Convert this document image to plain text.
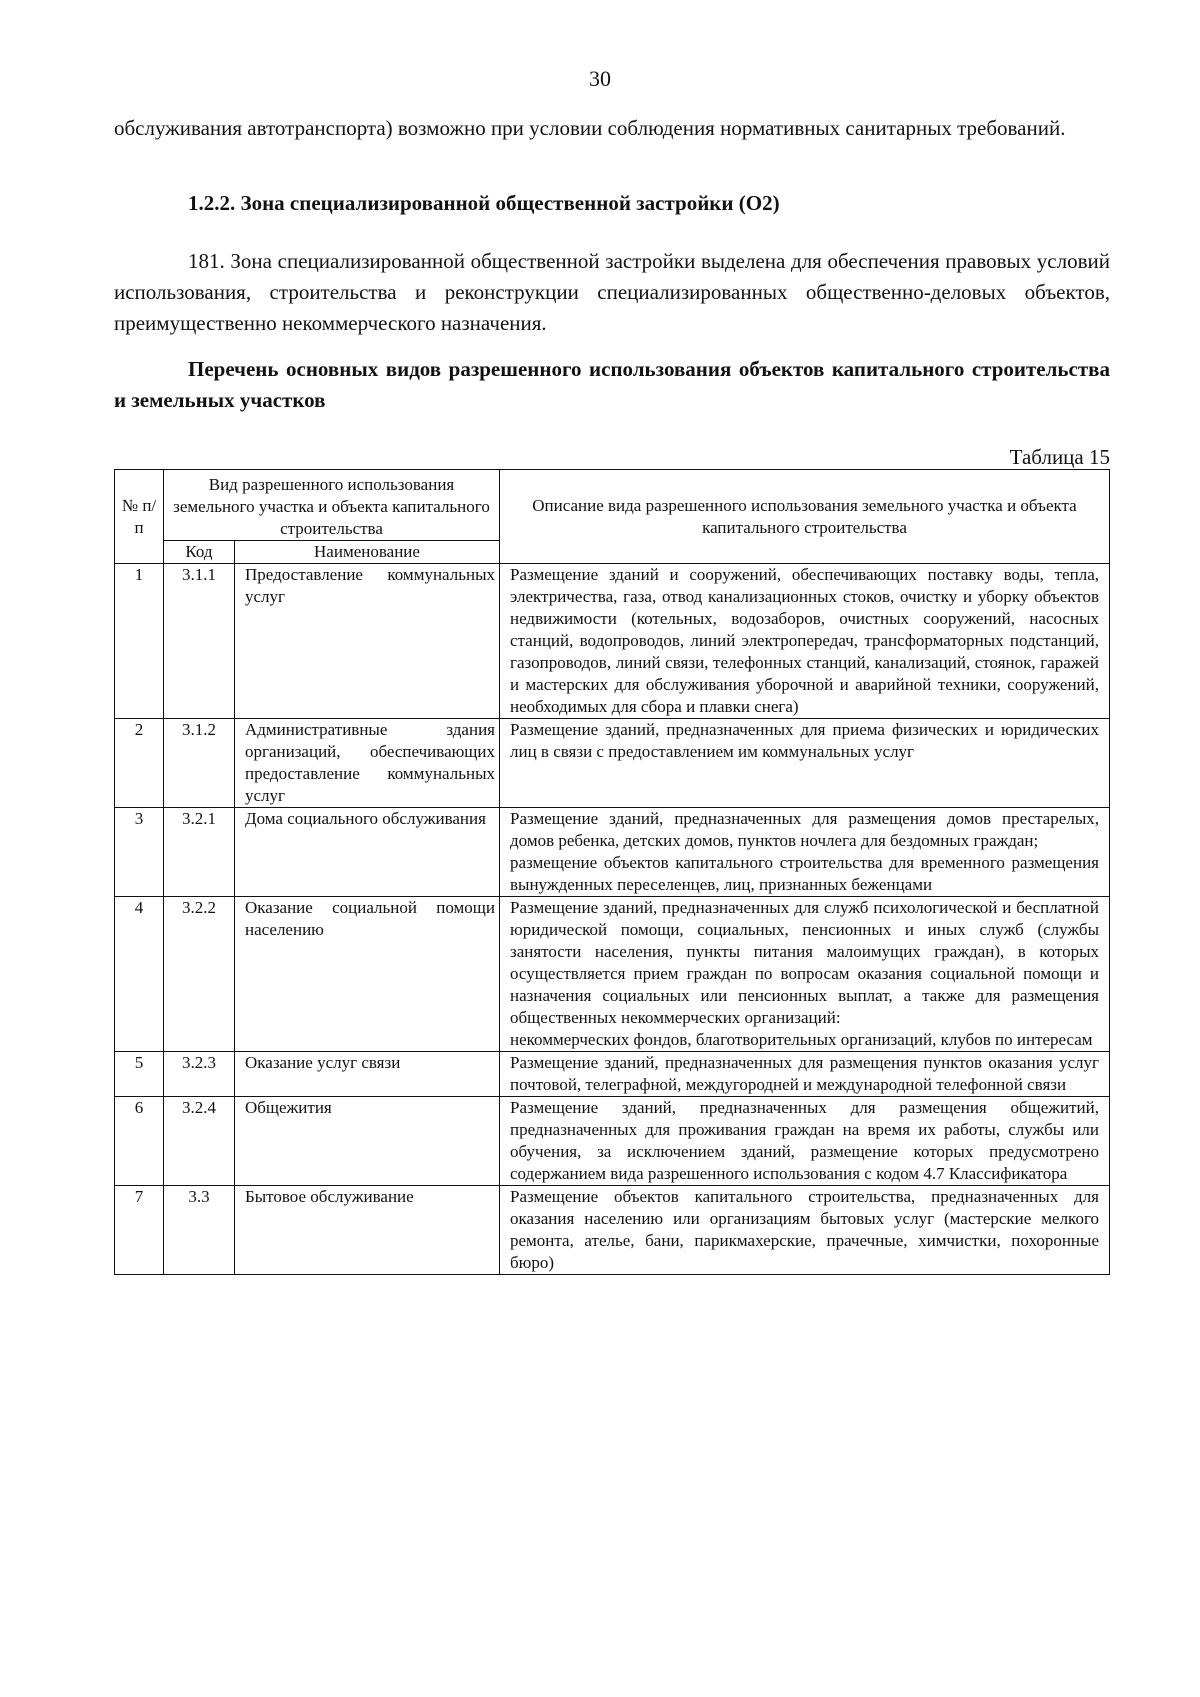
30

обслуживания автотранспорта) возможно при условии соблюдения нормативных санитарных требований.

1.2.2. Зона специализированной общественной застройки (О2)

181. Зона специализированной общественной застройки выделена для обеспечения правовых условий использования, строительства и реконструкции специализированных общественно-деловых объектов, преимущественно некоммерческого назначения.

Перечень основных видов разрешенного использования объектов капитального строительства и земельных участков

Таблица 15
№ п/п	Вид разрешенного использования земельного участка и объекта капитального строительства		Описание вида разрешенного использования земельного участка и объекта капитального строительства
	Код	Наименование	
1	3.1.1	Предоставление коммунальных услуг	Размещение зданий и сооружений, обеспечивающих поставку воды, тепла, электричества, газа, отвод канализационных стоков, очистку и уборку объектов недвижимости (котельных, водозаборов, очистных сооружений, насосных станций, водопроводов, линий электропередач, трансформаторных подстанций, газопроводов, линий связи, телефонных станций, канализаций, стоянок, гаражей и мастерских для обслуживания уборочной и аварийной техники, сооружений, необходимых для сбора и плавки снега)

2	3.1.2	Административные здания организаций, обеспечивающих предоставление коммунальных услуг	Размещение зданий, предназначенных для приема физических и юридических лиц в связи с предоставлением им коммунальных услуг

3	3.2.1	Дома социального обслуживания	Размещение зданий, предназначенных для размещения домов престарелых, домов ребенка, детских домов, пунктов ночлега для бездомных граждан;
размещение объектов капитального строительства для временного размещения вынужденных переселенцев, лиц, признанных беженцами

4	3.2.2	Оказание социальной помощи населению	Размещение зданий, предназначенных для служб психологической и бесплатной юридической помощи, социальных, пенсионных и иных служб (службы занятости населения, пункты питания малоимущих граждан), в которых осуществляется прием граждан по вопросам оказания социальной помощи и назначения социальных или пенсионных выплат, а также для размещения общественных некоммерческих организаций:
некоммерческих фондов, благотворительных организаций, клубов по интересам

5	3.2.3	Оказание услуг связи	Размещение зданий, предназначенных для размещения пунктов оказания услуг почтовой, телеграфной, междугородней и международной телефонной связи

6	3.2.4	Общежития	Размещение зданий, предназначенных для размещения общежитий, предназначенных для проживания граждан на время их работы, службы или обучения, за исключением зданий, размещение которых предусмотрено содержанием вида разрешенного использования с кодом 4.7 Классификатора

7	3.3	Бытовое обслуживание	Размещение объектов капитального строительства, предназначенных для оказания населению или организациям бытовых услуг (мастерские мелкого ремонта, ателье, бани, парикмахерские, прачечные, химчистки, похоронные бюро)
